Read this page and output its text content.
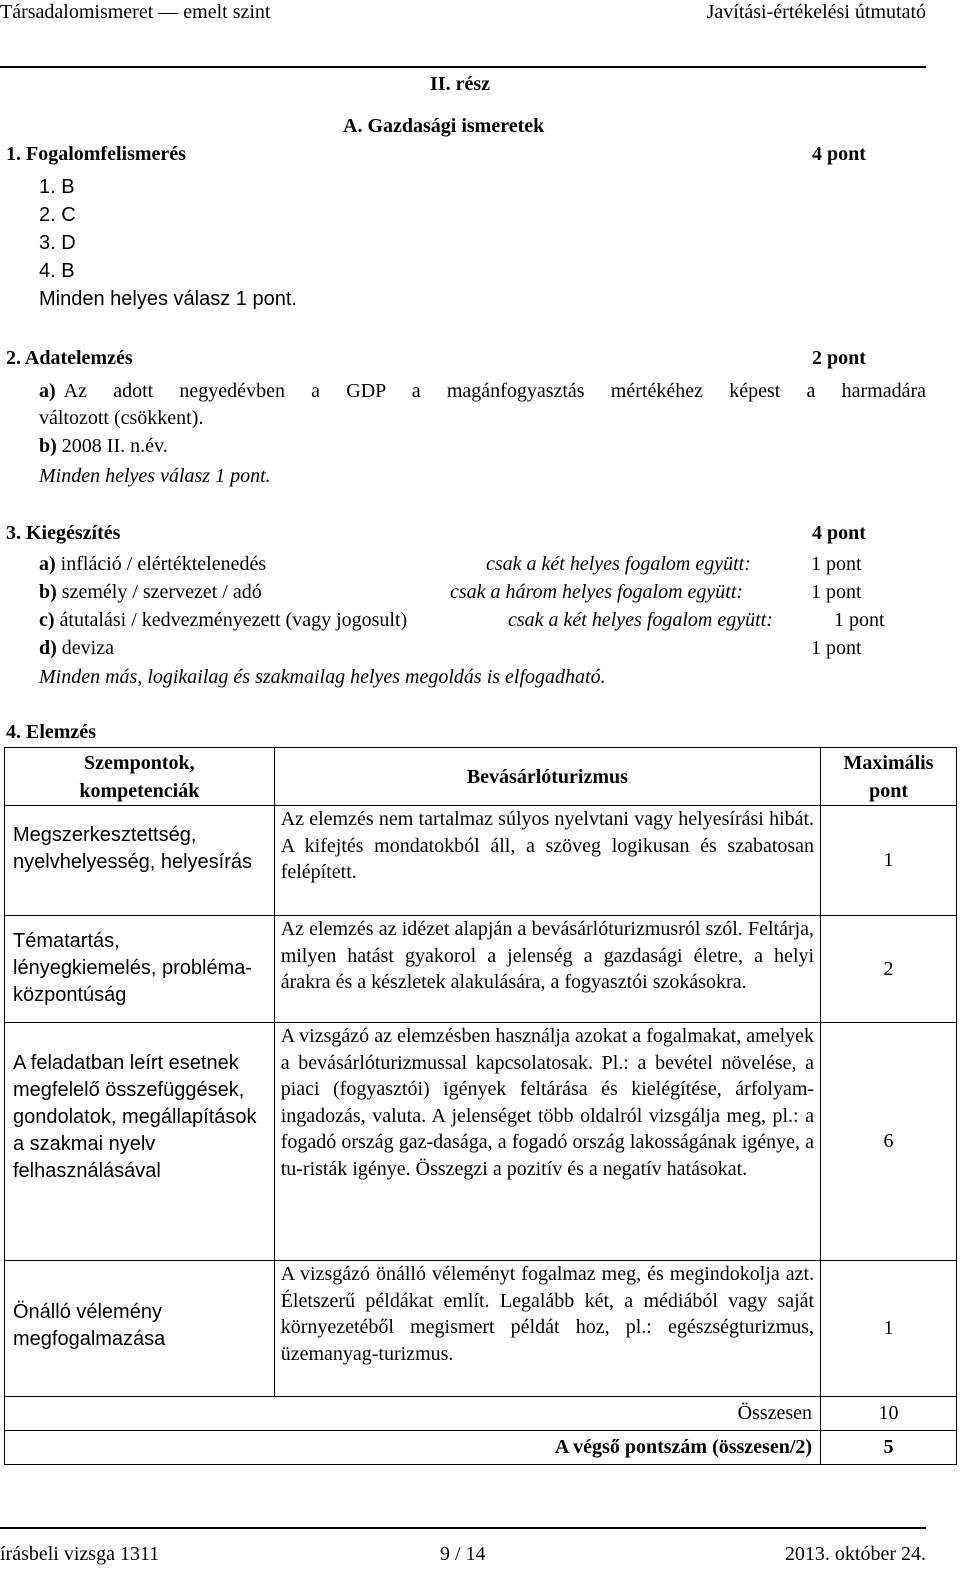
Társadalomismeret — emelt szint	Javítási-értékelési útmutató
II. rész
A. Gazdasági ismeretek
1. Fogalomfelismerés	4 pont
1. B
2. C
3. D
4. B
Minden helyes válasz 1 pont.
2. Adatelemzés	2 pont
a) Az adott negyedévben a GDP a magánfogyasztás mértékéhez képest a harmadára
változott (csökkent).
b) 2008 II. n.év.
Minden helyes válasz 1 pont.
3. Kiegészítés	4 pont
a) infláció / elértéktelenedés	csak a két helyes fogalom együtt:	1 pont
b) személy / szervezet / adó	csak a három helyes fogalom együtt:	1 pont
c) átutalási / kedvezményezett (vagy jogosult)	csak a két helyes fogalom együtt:	1 pont
d) deviza	1 pont
Minden más, logikailag és szakmailag helyes megoldás is elfogadható.
4. Elemzés
Szempontok, kompetenciák	Bevásárlóturizmus	Maximális pont

Megszerkesztettség, nyelvhelyesség, helyesírás	Az elemzés nem tartalmaz súlyos nyelvtani vagy helyesírási hibát. A kifejtés mondatokból áll, a szöveg logikusan és szabatosan felépített.	1
Tématartás, lényegkiemelés, probléma-központúság	Az elemzés az idézet alapján a bevásárlóturizmusról szól. Feltárja, milyen hatást gyakorol a jelenség a gazdasági életre, a helyi árakra és a készletek alakulására, a fogyasztói szokásokra.	2
A feladatban leírt esetnek megfelelő összefüggések, gondolatok, megállapítások a szakmai nyelv felhasználásával	A vizsgázó az elemzésben használja azokat a fogalmakat, amelyek a bevásárlóturizmussal kapcsolatosak. Pl.: a bevétel növelése, a piaci (fogyasztói) igények feltárása és kielégítése, árfolyam-ingadozás, valuta. A jelenséget több oldalról vizsgálja meg, pl.: a fogadó ország gaz-dasága, a fogadó ország lakosságának igénye, a tu-risták igénye. Összegzi a pozitív és a negatív hatásokat.	6
Önálló vélemény megfogalmazása	A vizsgázó önálló véleményt fogalmaz meg, és megindokolja azt. Életszerű példákat említ. Legalább két, a médiából vagy saját környezetéből megismert példát hoz, pl.: egészségturizmus, üzemanyag-turizmus.	1
Összesen		10
A végső pontszám (összesen/2)		5
írásbeli vizsga 1311	9 / 14	2013. október 24.
